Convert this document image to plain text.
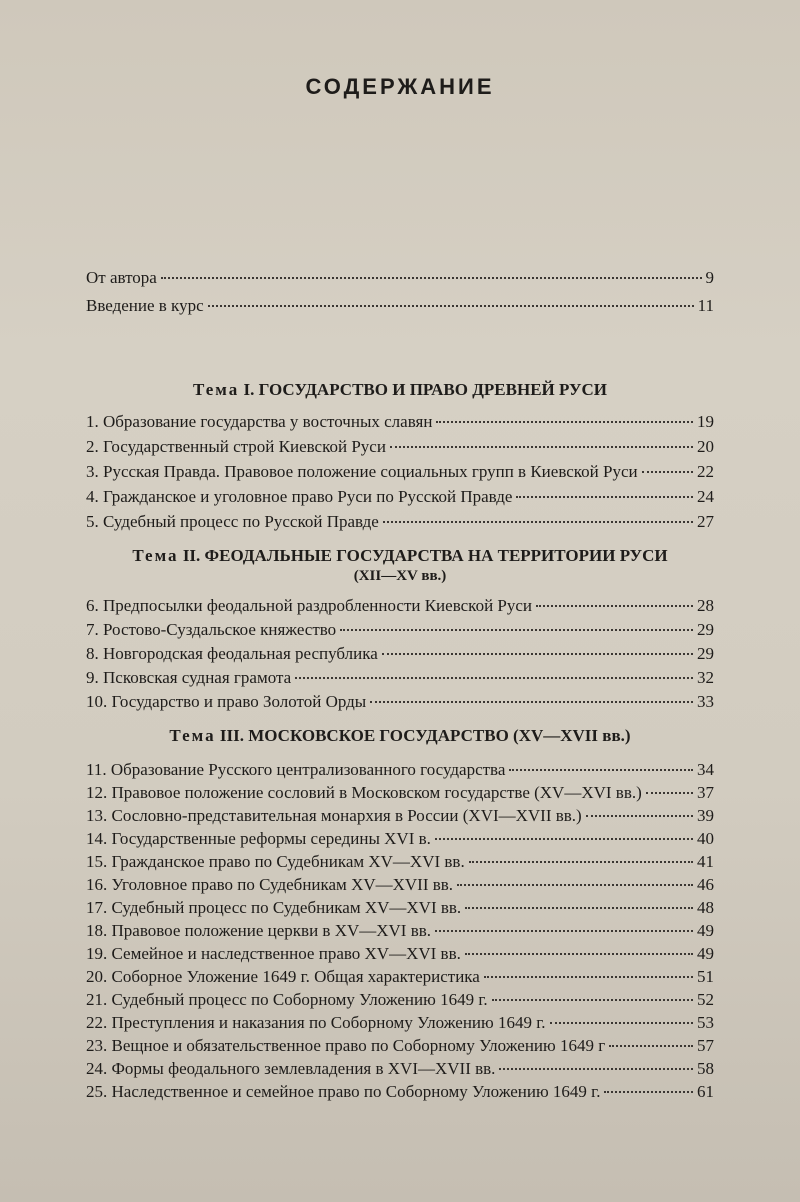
СОДЕРЖАНИЕ
От автора	9
Введение в курс	11
Тема I. ГОСУДАРСТВО И ПРАВО ДРЕВНЕЙ РУСИ
1. Образование государства у восточных славян	19
2. Государственный строй Киевской Руси	20
3. Русская Правда. Правовое положение социальных групп в Киевской Руси	22
4. Гражданское и уголовное право Руси по Русской Правде	24
5. Судебный процесс по Русской Правде	27
Тема II. ФЕОДАЛЬНЫЕ ГОСУДАРСТВА НА ТЕРРИТОРИИ РУСИ
(XII—XV вв.)
6. Предпосылки феодальной раздробленности Киевской Руси	28
7. Ростово-Суздальское княжество	29
8. Новгородская феодальная республика	29
9. Псковская судная грамота	32
10. Государство и право Золотой Орды	33
Тема III. МОСКОВСКОЕ ГОСУДАРСТВО (XV—XVII вв.)
11. Образование Русского централизованного государства	34
12. Правовое положение сословий в Московском государстве (XV—XVI вв.)	37
13. Сословно-представительная монархия в России (XVI—XVII вв.)	39
14. Государственные реформы середины XVI в.	40
15. Гражданское право по Судебникам XV—XVI вв.	41
16. Уголовное право по Судебникам XV—XVII вв.	46
17. Судебный процесс по Судебникам XV—XVI вв.	48
18. Правовое положение церкви в XV—XVI вв.	49
19. Семейное и наследственное право XV—XVI вв.	49
20. Соборное Уложение 1649 г. Общая характеристика	51
21. Судебный процесс по Соборному Уложению 1649 г.	52
22. Преступления и наказания по Соборному Уложению 1649 г.	53
23. Вещное и обязательственное право по Соборному Уложению 1649 г	57
24. Формы феодального землевладения в XVI—XVII вв.	58
25. Наследственное и семейное право по Соборному Уложению 1649 г.	61
